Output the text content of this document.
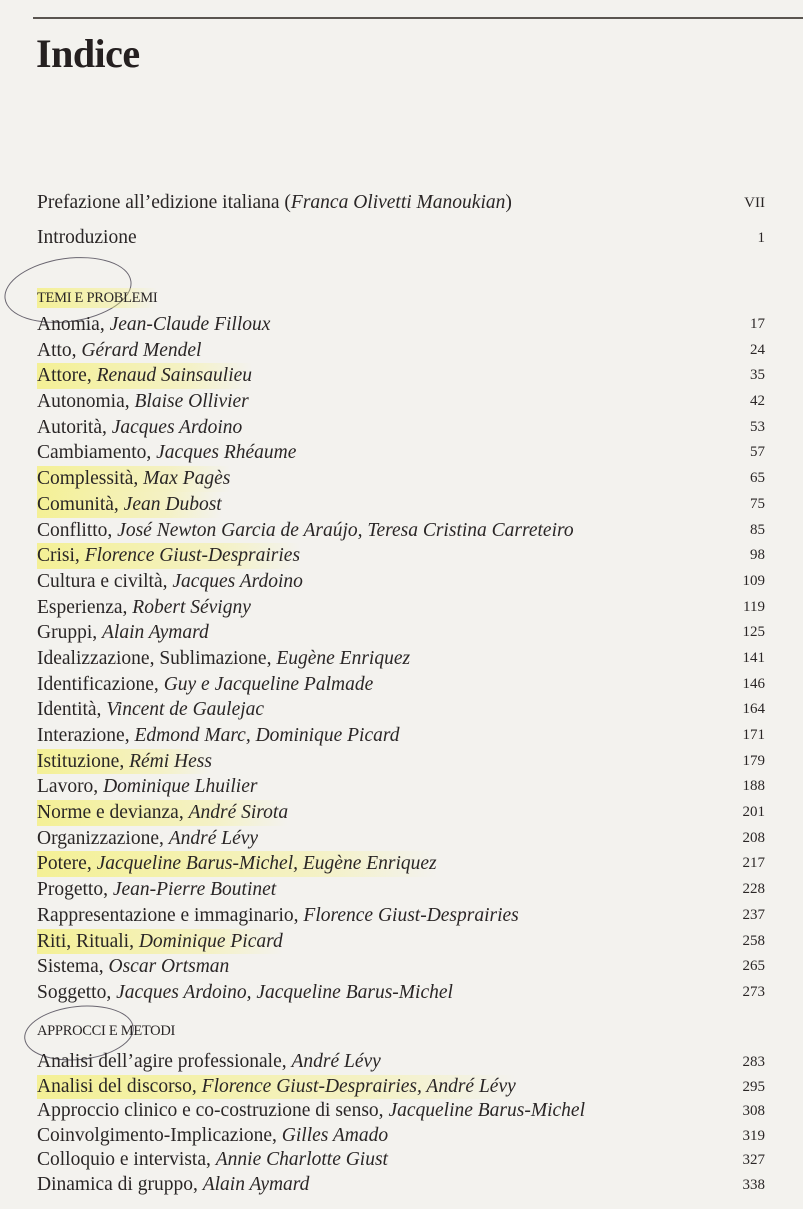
Indice
Prefazione all’edizione italiana (Franca Olivetti Manoukian)	VII
Introduzione	1
TEMI E PROBLEMI
Anomia, Jean-Claude Filloux	17
Atto, Gérard Mendel	24
Attore, Renaud Sainsaulieu	35
Autonomia, Blaise Ollivier	42
Autorità, Jacques Ardoino	53
Cambiamento, Jacques Rhéaume	57
Complessità, Max Pagès	65
Comunità, Jean Dubost	75
Conflitto, José Newton Garcia de Araújo, Teresa Cristina Carreteiro	85
Crisi, Florence Giust-Desprairies	98
Cultura e civiltà, Jacques Ardoino	109
Esperienza, Robert Sévigny	119
Gruppi, Alain Aymard	125
Idealizzazione, Sublimazione, Eugène Enriquez	141
Identificazione, Guy e Jacqueline Palmade	146
Identità, Vincent de Gaulejac	164
Interazione, Edmond Marc, Dominique Picard	171
Istituzione, Rémi Hess	179
Lavoro, Dominique Lhuilier	188
Norme e devianza, André Sirota	201
Organizzazione, André Lévy	208
Potere, Jacqueline Barus-Michel, Eugène Enriquez	217
Progetto, Jean-Pierre Boutinet	228
Rappresentazione e immaginario, Florence Giust-Desprairies	237
Riti, Rituali, Dominique Picard	258
Sistema, Oscar Ortsman	265
Soggetto, Jacques Ardoino, Jacqueline Barus-Michel	273
APPROCCI E METODI
Analisi dell’agire professionale, André Lévy	283
Analisi del discorso, Florence Giust-Desprairies, André Lévy	295
Approccio clinico e co-costruzione di senso, Jacqueline Barus-Michel	308
Coinvolgimento-Implicazione, Gilles Amado	319
Colloquio e intervista, Annie Charlotte Giust	327
Dinamica di gruppo, Alain Aymard	338
